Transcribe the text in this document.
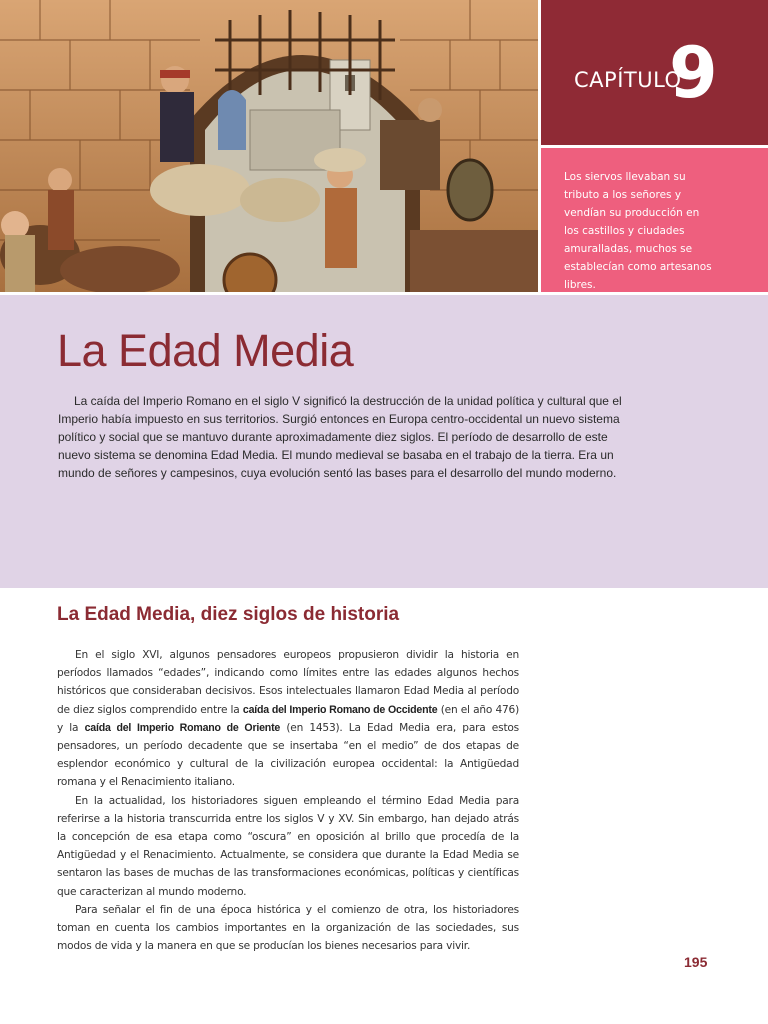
CAPÍTULO
9
Los siervos llevaban su tributo a los señores y vendían su producción en los castillos y ciudades amuralladas, muchos se establecían como artesanos libres.
La Edad Media

La caída del Imperio Romano en el siglo V significó la destrucción de la unidad política y cultural que el Imperio había impuesto en sus territorios. Surgió entonces en Europa centro-occidental un nuevo sistema político y social que se mantuvo durante aproximadamente diez siglos. El período de desarrollo de este nuevo sistema se denomina Edad Media. El mundo medieval se basaba en el trabajo de la tierra. Era un mundo de señores y campesinos, cuya evolución sentó las bases para el desarrollo del mundo moderno.

La Edad Media, diez siglos de historia

En el siglo XVI, algunos pensadores europeos propusieron dividir la historia en períodos llamados “edades”, indicando como límites entre las edades algunos hechos históricos que consideraban decisivos. Esos intelectuales llamaron Edad Media al período de diez siglos comprendido entre la caída del Imperio Romano de Occidente (en el año 476) y la caída del Imperio Romano de Oriente (en 1453). La Edad Media era, para estos pensadores, un período decadente que se insertaba “en el medio” de dos etapas de esplendor económico y cultural de la civilización europea occidental: la Antigüedad romana y el Renacimiento italiano.

En la actualidad, los historiadores siguen empleando el término Edad Media para referirse a la historia transcurrida entre los siglos V y XV. Sin embargo, han dejado atrás la concepción de esa etapa como “oscura” en oposición al brillo que procedía de la Antigüedad y el Renacimiento. Actualmente, se considera que durante la Edad Media se sentaron las bases de muchas de las transformaciones económicas, políticas y científicas que caracterizan al mundo moderno.

Para señalar el fin de una época histórica y el comienzo de otra, los historiadores toman en cuenta los cambios importantes en la organización de las sociedades, sus modos de vida y la manera en que se producían los bienes necesarios para vivir.

195
